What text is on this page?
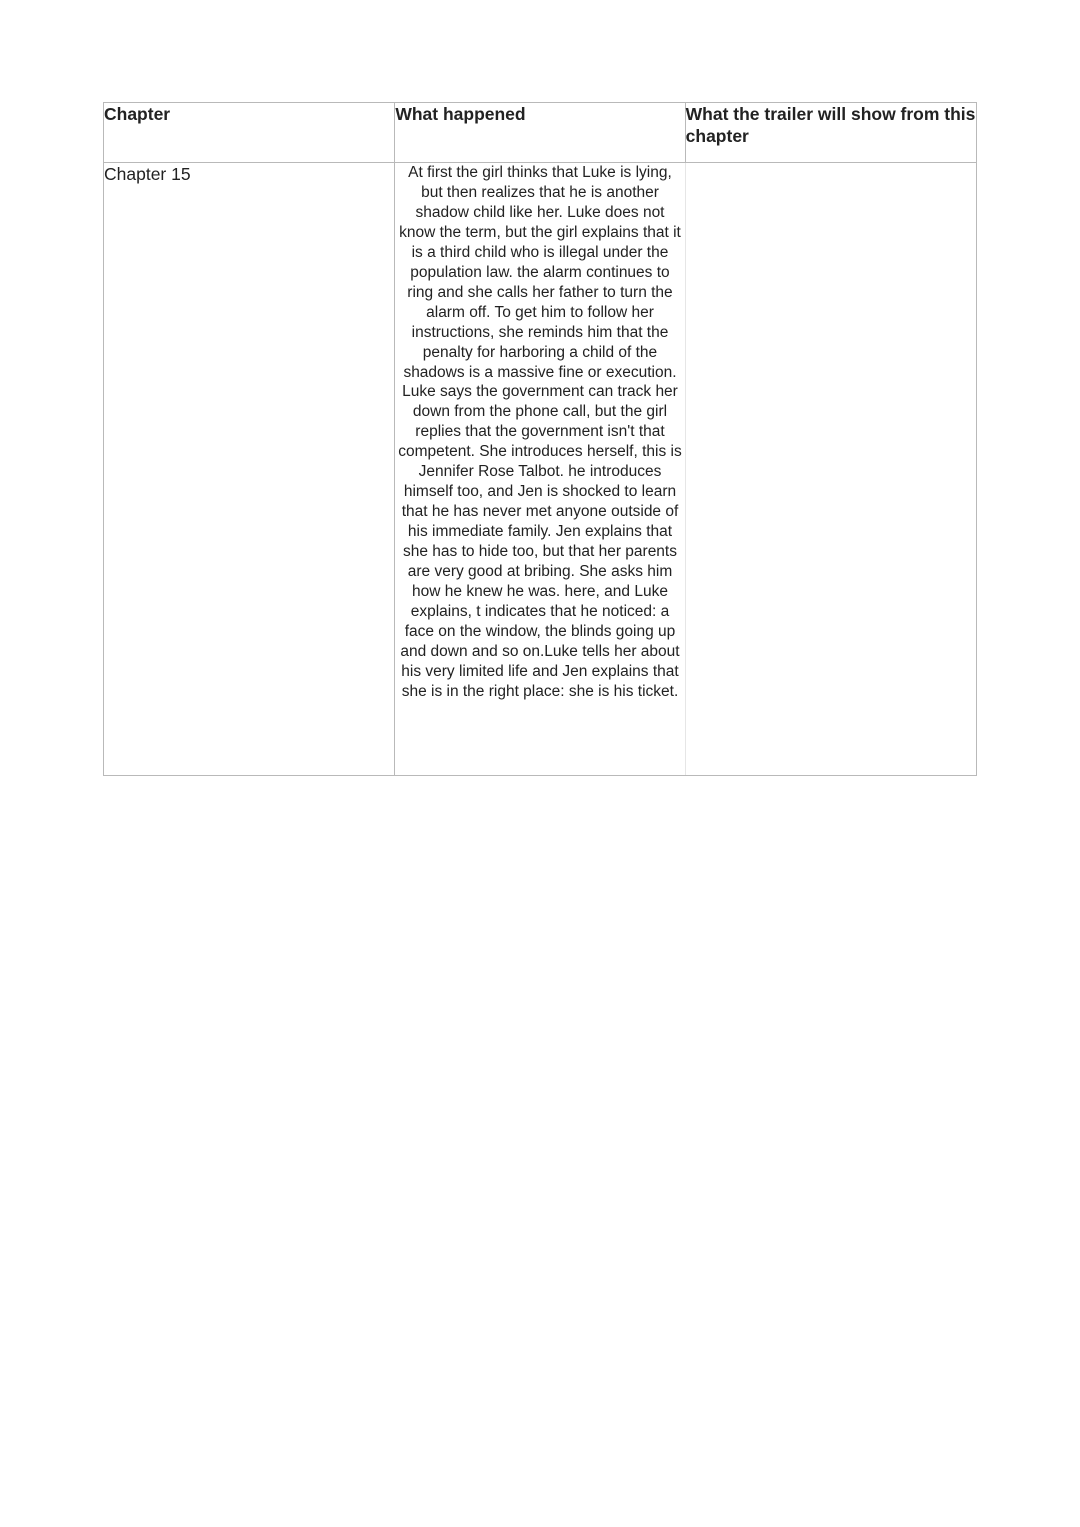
Chapter	What happened	What the trailer will show from this chapter
Chapter 15	At first the girl thinks that Luke is lying, but then realizes that he is another shadow child like her. Luke does not know the term, but the girl explains that it is a third child who is illegal under the population law. the alarm continues to ring and she calls her father to turn the alarm off. To get him to follow her instructions, she reminds him that the penalty for harboring a child of the shadows is a massive fine or execution. Luke says the government can track her down from the phone call, but the girl replies that the government isn't that competent. She introduces herself, this is Jennifer Rose Talbot. he introduces himself too, and Jen is shocked to learn that he has never met anyone outside of his immediate family. Jen explains that she has to hide too, but that her parents are very good at bribing. She asks him how he knew he was. here, and Luke explains, t indicates that he noticed: a face on the window, the blinds going up and down and so on.Luke tells her about his very limited life and Jen explains that she is in the right place: she is his ticket.	
